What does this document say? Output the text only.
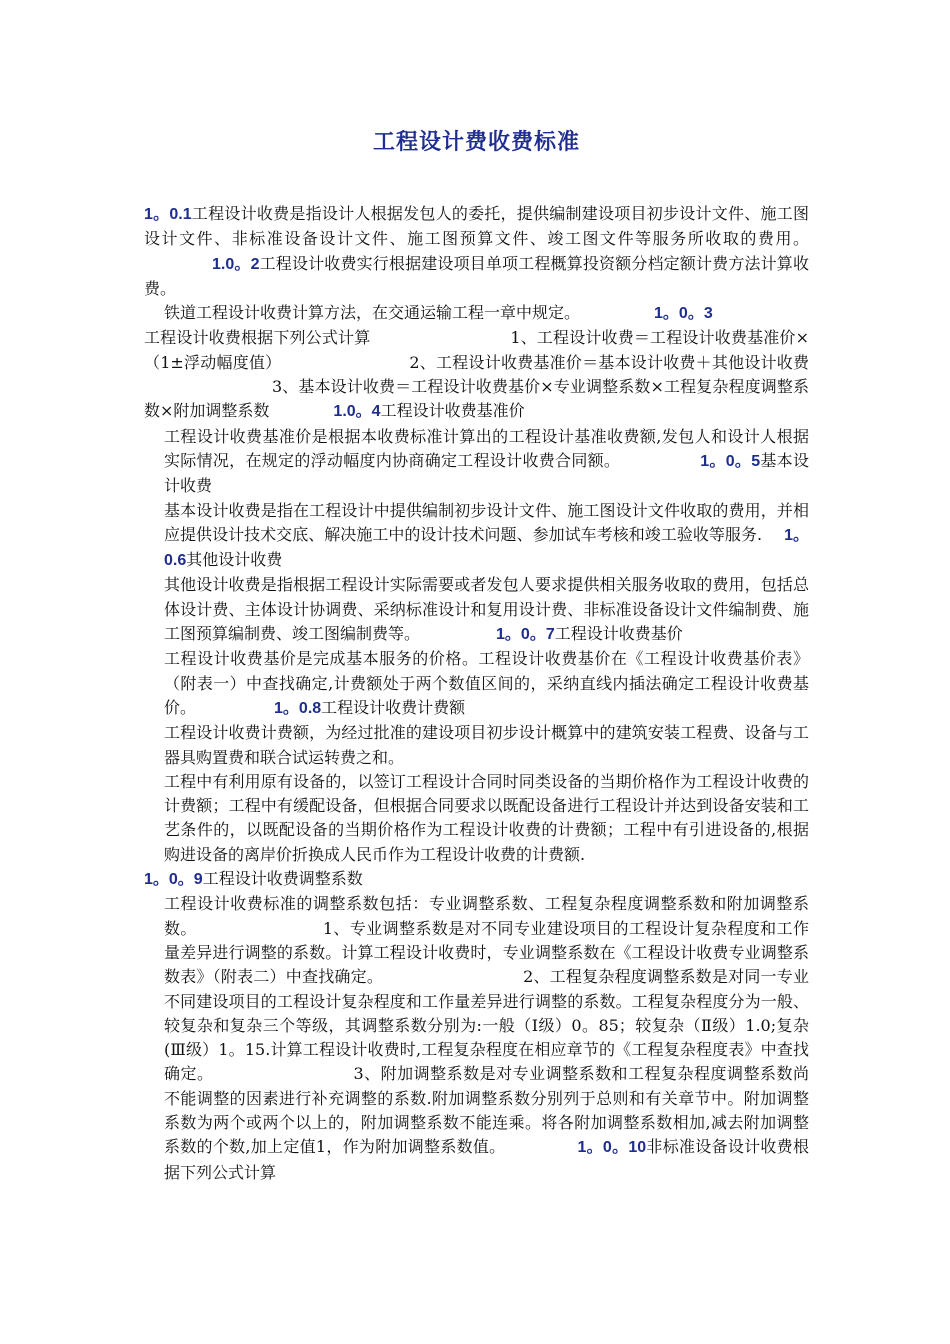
工程设计费收费标准

1。0.1工程设计收费是指设计人根据发包人的委托，提供编制建设项目初步设计文件、施工图设计文件、非标准设备设计文件、施工图预算文件、竣工图文件等服务所收取的费用。1.0。2工程设计收费实行根据建设项目单项工程概算投资额分档定额计费方法计算收费。
铁道工程设计收费计算方法，在交通运输工程一章中规定。	1。0。3
工程设计收费根据下列公式计算	1、工程设计收费＝工程设计收费基准价×（1±浮动幅度值）	2、工程设计收费基准价＝基本设计收费＋其他设计收费3、基本设计收费＝工程设计收费基价×专业调整系数×工程复杂程度调整系数×附加调整系数	1.0。4工程设计收费基准价
工程设计收费基准价是根据本收费标准计算出的工程设计基准收费额,发包人和设计人根据实际情况，在规定的浮动幅度内协商确定工程设计收费合同额。	1。0。5基本设计收费
基本设计收费是指在工程设计中提供编制初步设计文件、施工图设计文件收取的费用，并相应提供设计技术交底、解决施工中的设计技术问题、参加试车考核和竣工验收等服务. 1。0.6其他设计收费
其他设计收费是指根据工程设计实际需要或者发包人要求提供相关服务收取的费用，包括总体设计费、主体设计协调费、采纳标准设计和复用设计费、非标准设备设计文件编制费、施工图预算编制费、竣工图编制费等。	1。0。7工程设计收费基价
工程设计收费基价是完成基本服务的价格。工程设计收费基价在《工程设计收费基价表》（附表一）中查找确定,计费额处于两个数值区间的，采纳直线内插法确定工程设计收费基价。	1。0.8工程设计收费计费额
工程设计收费计费额，为经过批准的建设项目初步设计概算中的建筑安装工程费、设备与工器具购置费和联合试运转费之和。
工程中有利用原有设备的，以签订工程设计合同时同类设备的当期价格作为工程设计收费的计费额；工程中有缓配设备，但根据合同要求以既配设备进行工程设计并达到设备安装和工艺条件的，以既配设备的当期价格作为工程设计收费的计费额；工程中有引进设备的,根据购进设备的离岸价折换成人民币作为工程设计收费的计费额.
1。0。9工程设计收费调整系数
工程设计收费标准的调整系数包括：专业调整系数、工程复杂程度调整系数和附加调整系数。	1、专业调整系数是对不同专业建设项目的工程设计复杂程度和工作量差异进行调整的系数。计算工程设计收费时，专业调整系数在《工程设计收费专业调整系数表》（附表二）中查找确定。	2、工程复杂程度调整系数是对同一专业不同建设项目的工程设计复杂程度和工作量差异进行调整的系数。工程复杂程度分为一般、较复杂和复杂三个等级，其调整系数分别为:一般（Ⅰ级）0。85；较复杂（Ⅱ级）1.0;复杂(Ⅲ级）1。15.计算工程设计收费时,工程复杂程度在相应章节的《工程复杂程度表》中查找确定。	3、附加调整系数是对专业调整系数和工程复杂程度调整系数尚不能调整的因素进行补充调整的系数.附加调整系数分别列于总则和有关章节中。附加调整系数为两个或两个以上的，附加调整系数不能连乘。将各附加调整系数相加,减去附加调整系数的个数,加上定值1，作为附加调整系数值。	1。0。10非标准设备设计收费根据下列公式计算
